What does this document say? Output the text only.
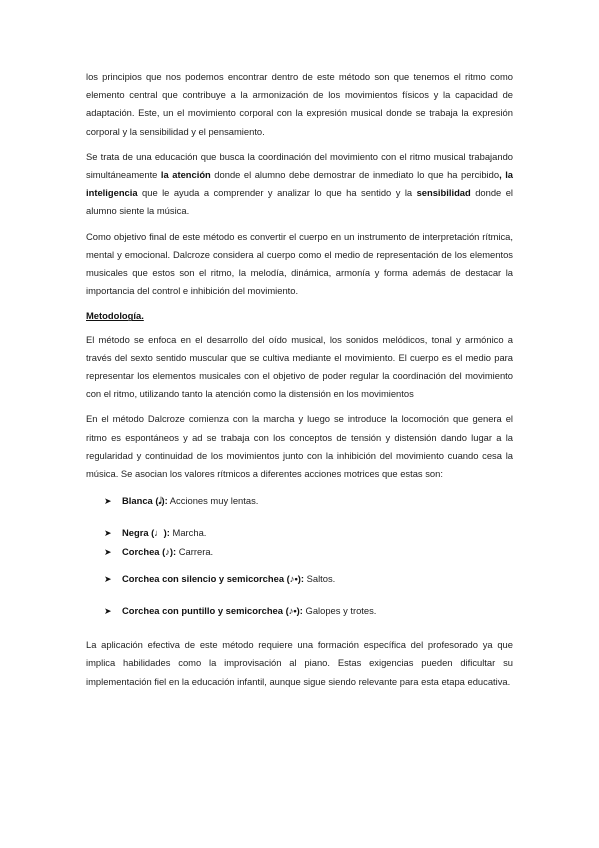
los principios que nos podemos encontrar dentro de este método son que tenemos el ritmo como elemento central que contribuye a la armonización de los movimientos físicos y la capacidad de adaptación. Este, un el movimiento corporal con la expresión musical donde se trabaja la expresión corporal y la sensibilidad y el pensamiento.

Se trata de una educación que busca la coordinación del movimiento con el ritmo musical trabajando simultáneamente la atención donde el alumno debe demostrar de inmediato lo que ha percibido, la inteligencia que le ayuda a comprender y analizar lo que ha sentido y la sensibilidad donde el alumno siente la música.

Como objetivo final de este método es convertir el cuerpo en un instrumento de interpretación rítmica, mental y emocional. Dalcroze considera al cuerpo como el medio de representación de los elementos musicales que estos son el ritmo, la melodía, dinámica, armonía y forma además de destacar la importancia del control e inhibición del movimiento.

Metodología.

El método se enfoca en el desarrollo del oído musical, los sonidos melódicos, tonal y armónico a través del sexto sentido muscular que se cultiva mediante el movimiento. El cuerpo es el medio para representar los elementos musicales con el objetivo de poder regular la coordinación del movimiento con el ritmo, utilizando tanto la atención como la distensión en los movimientos

En el método Dalcroze comienza con la marcha y luego se introduce la locomoción que genera el ritmo es espontáneos y ad se trabaja con los conceptos de tensión y distensión dando lugar a la regularidad y continuidad de los movimientos junto con la inhibición del movimiento cuando cesa la música. Se asocian los valores rítmicos a diferentes acciones motrices que estas son:

➤ Blanca (𝅗𝅥): Acciones muy lentas.
➤ Negra (♩): Marcha.
➤ Corchea (♪): Carrera.
➤ Corchea con silencio y semicorchea (♪•): Saltos.
➤ Corchea con puntillo y semicorchea (♪•): Galopes y trotes.

La aplicación efectiva de este método requiere una formación específica del profesorado ya que implica habilidades como la improvisación al piano. Estas exigencias pueden dificultar su implementación fiel en la educación infantil, aunque sigue siendo relevante para esta etapa educativa.
